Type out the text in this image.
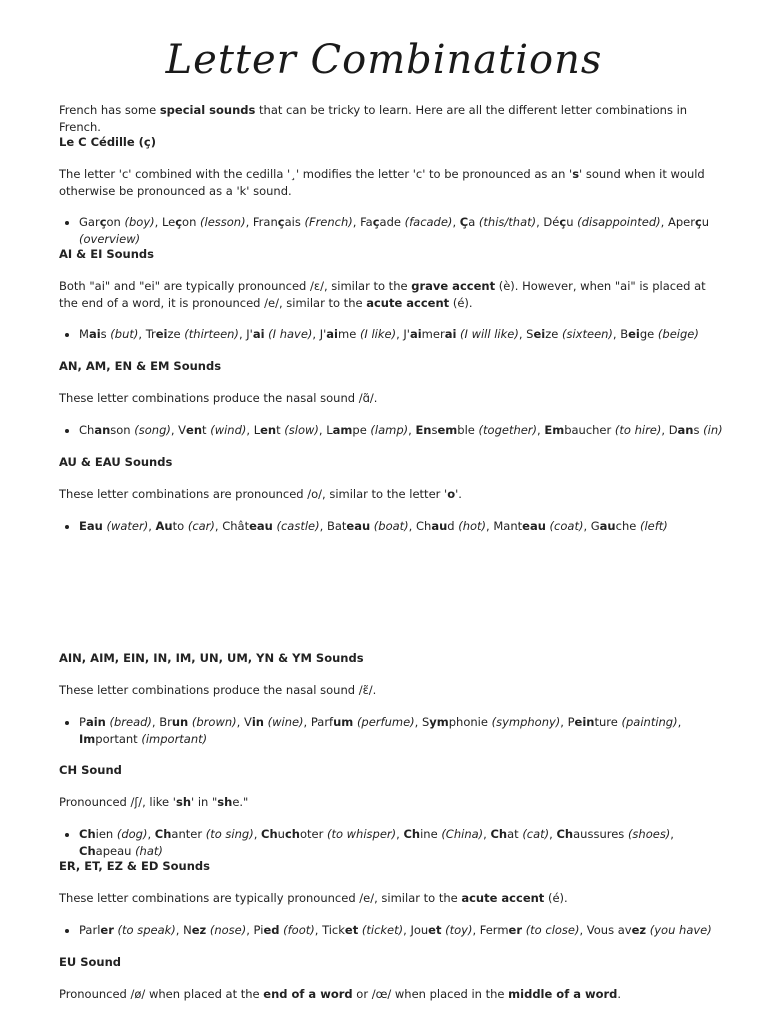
Letter Combinations
French has some special sounds that can be tricky to learn. Here are all the different letter combinations in French.
Le C Cédille (ç)
The letter 'c' combined with the cedilla '¸' modifies the letter 'c' to be pronounced as an 's' sound when it would otherwise be pronounced as a 'k' sound.
• Garçon (boy), Leçon (lesson), Français (French), Façade (facade), Ça (this/that), Déçu (disappointed), Aperçu (overview)
AI & EI Sounds
Both "ai" and "ei" are typically pronounced /ɛ/, similar to the grave accent (è). However, when "ai" is placed at the end of a word, it is pronounced /e/, similar to the acute accent (é).
• Mais (but), Treize (thirteen), J'ai (I have), J'aime (I like), J'aimerai (I will like), Seize (sixteen), Beige (beige)
AN, AM, EN & EM Sounds
These letter combinations produce the nasal sound /ɑ̃/.
• Chanson (song), Vent (wind), Lent (slow), Lampe (lamp), Ensemble (together), Embaucher (to hire), Dans (in)
AU & EAU Sounds
These letter combinations are pronounced /o/, similar to the letter 'o'.
• Eau (water), Auto (car), Château (castle), Bateau (boat), Chaud (hot), Manteau (coat), Gauche (left)
AIN, AIM, EIN, IN, IM, UN, UM, YN & YM Sounds
These letter combinations produce the nasal sound /ɛ̃/.
• Pain (bread), Brun (brown), Vin (wine), Parfum (perfume), Symphonie (symphony), Peinture (painting), Important (important)
CH Sound
Pronounced /ʃ/, like 'sh' in "she."
• Chien (dog), Chanter (to sing), Chuchoter (to whisper), Chine (China), Chat (cat), Chaussures (shoes), Chapeau (hat)
ER, ET, EZ & ED Sounds
These letter combinations are typically pronounced /e/, similar to the acute accent (é).
• Parler (to speak), Nez (nose), Pied (foot), Ticket (ticket), Jouet (toy), Fermer (to close), Vous avez (you have)
EU Sound
Pronounced /ø/ when placed at the end of a word or /œ/ when placed in the middle of a word.
